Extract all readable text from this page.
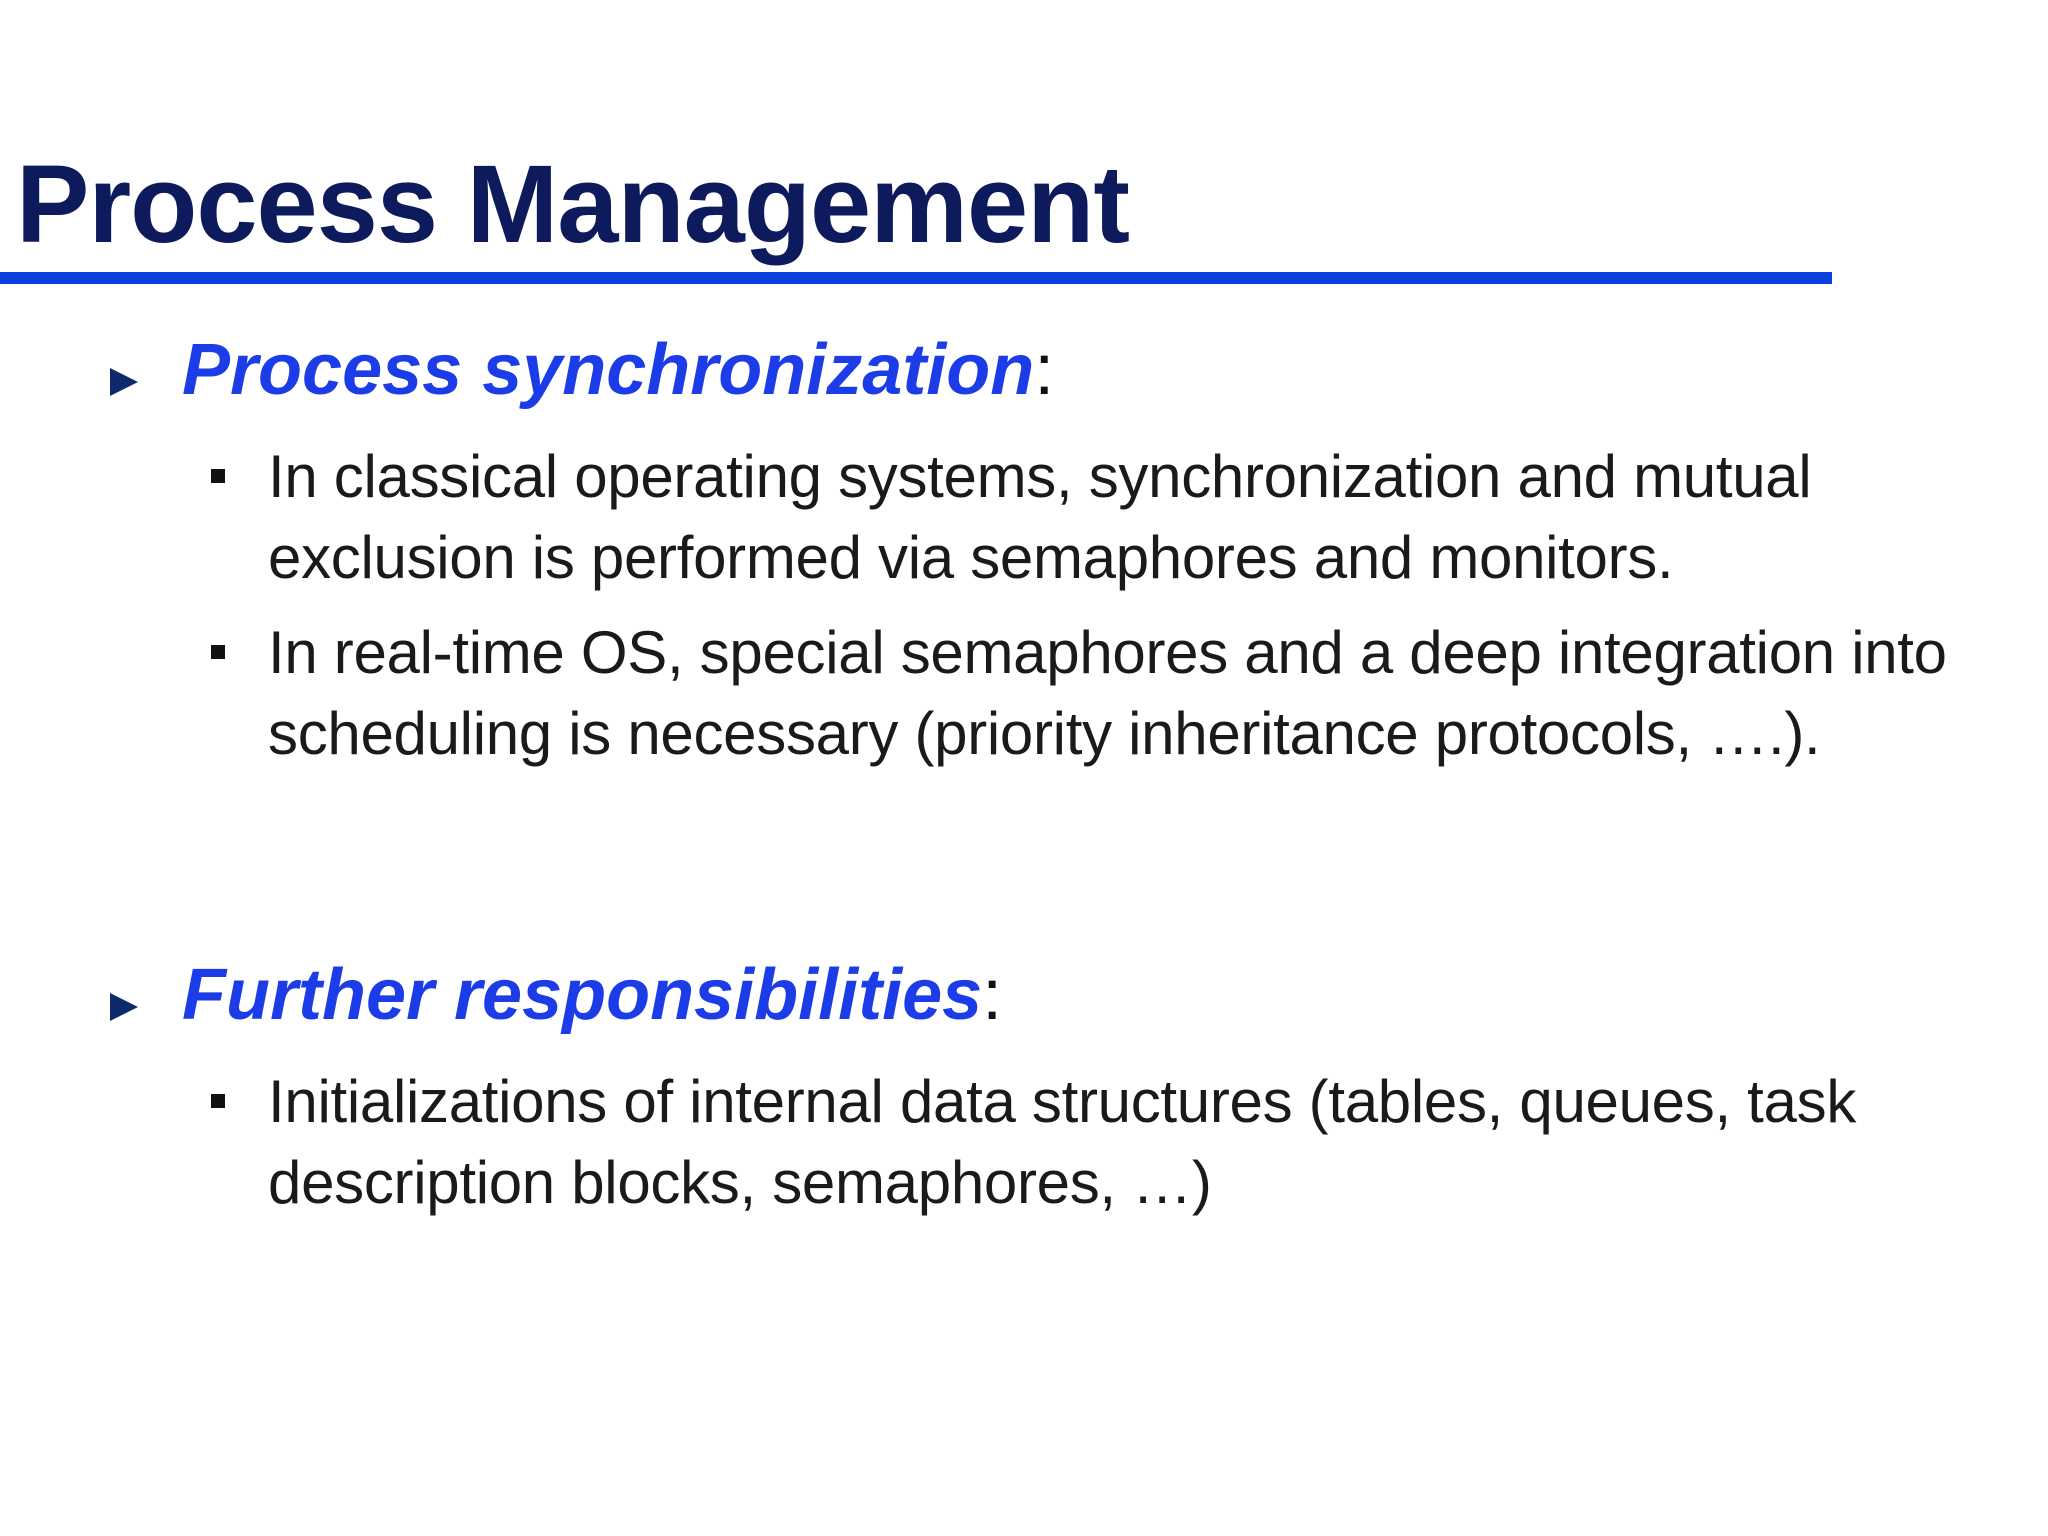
Process Management
Process synchronization:
In classical operating systems, synchronization and mutual exclusion is performed via semaphores and monitors.
In real-time OS, special semaphores and a deep integration into scheduling is necessary (priority inheritance protocols, ….).
Further responsibilities:
Initializations of internal data structures (tables, queues, task description blocks, semaphores, …)
